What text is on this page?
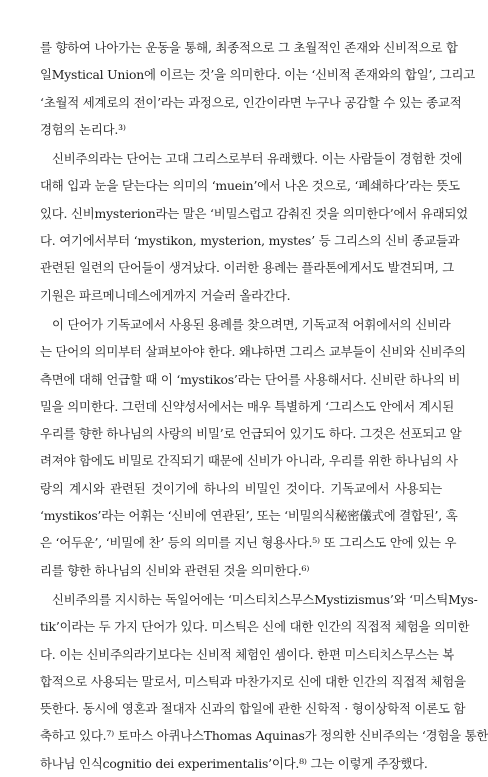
를 향하여 나아가는 운동을 통해, 최종적으로 그 초월적인 존재와 신비적으로 합
일Mystical Union에 이르는 것’을 의미한다. 이는 ‘신비적 존재와의 합일’, 그리고
‘초월적 세계로의 전이’라는 과정으로, 인간이라면 누구나 공감할 수 있는 종교적
경험의 논리다.³⁾
신비주의라는 단어는 고대 그리스로부터 유래했다. 이는 사람들이 경험한 것에
대해 입과 눈을 닫는다는 의미의 ‘muein’에서 나온 것으로, ‘폐쇄하다’라는 뜻도
있다. 신비mysterion라는 말은 ‘비밀스럽고 감춰진 것을 의미한다’에서 유래되었
다. 여기에서부터 ‘mystikon, mysterion, mystes’ 등 그리스의 신비 종교들과
관련된 일련의 단어들이 생겨났다. 이러한 용례는 플라톤에게서도 발견되며, 그
기원은 파르메니데스에게까지 거슬러 올라간다.
이 단어가 기독교에서 사용된 용례를 찾으려면, 기독교적 어휘에서의 신비라
는 단어의 의미부터 살펴보아야 한다. 왜냐하면 그리스 교부들이 신비와 신비주의
측면에 대해 언급할 때 이 ‘mystikos’라는 단어를 사용해서다. 신비란 하나의 비
밀을 의미한다. 그런데 신약성서에서는 매우 특별하게 ‘그리스도 안에서 계시된
우리를 향한 하나님의 사랑의 비밀’로 언급되어 있기도 하다. 그것은 선포되고 알
려져야 함에도 비밀로 간직되기 때문에 신비가 아니라, 우리를 위한 하나님의 사
랑의 계시와 관련된 것이기에 하나의 비밀인 것이다. 기독교에서 사용되는
‘mystikos’라는 어휘는 ‘신비에 연관된’, 또는 ‘비밀의식秘密儀式에 결합된’, 혹
은 ‘어두운’, ‘비밀에 찬’ 등의 의미를 지닌 형용사다.⁵⁾ 또 그리스도 안에 있는 우
리를 향한 하나님의 신비와 관련된 것을 의미한다.⁶⁾
신비주의를 지시하는 독일어에는 ‘미스티치스무스Mystizismus’와 ‘미스틱Mys-
tik’이라는 두 가지 단어가 있다. 미스틱은 신에 대한 인간의 직접적 체험을 의미한
다. 이는 신비주의라기보다는 신비적 체험인 셈이다. 한편 미스티치스무스는 복
합적으로 사용되는 말로서, 미스틱과 마찬가지로 신에 대한 인간의 직접적 체험을
뜻한다. 동시에 영혼과 절대자 신과의 합일에 관한 신학적 · 형이상학적 이론도 함
축하고 있다.⁷⁾ 토마스 아퀴나스Thomas Aquinas가 정의한 신비주의는 ‘경험을 통한
하나님 인식cognitio dei experimentalis’이다.⁸⁾ 그는 이렇게 주장했다.
